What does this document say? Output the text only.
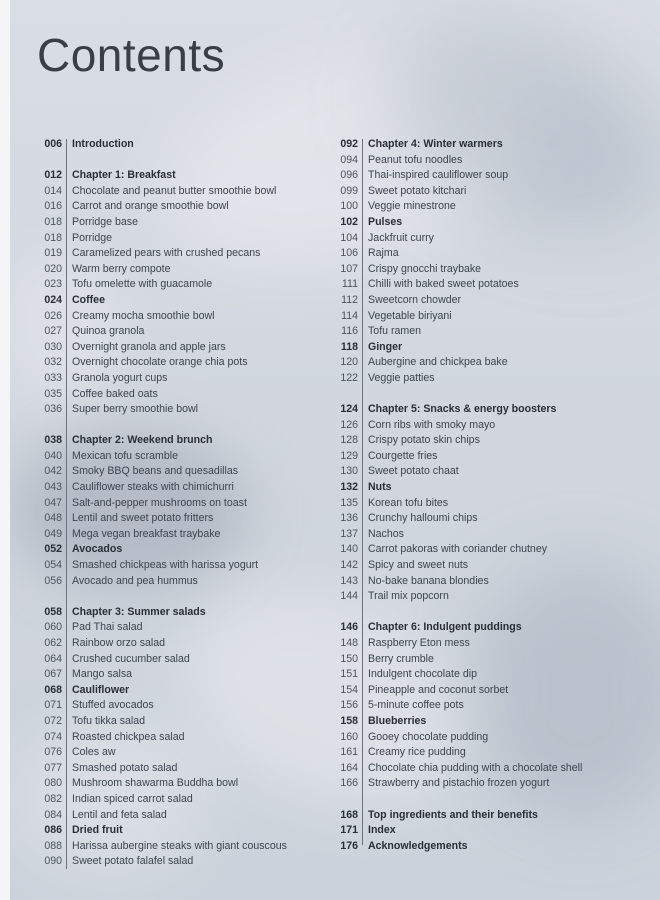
Contents
006 Introduction
012 Chapter 1: Breakfast
014 Chocolate and peanut butter smoothie bowl
016 Carrot and orange smoothie bowl
018 Porridge base
018 Porridge
019 Caramelized pears with crushed pecans
020 Warm berry compote
023 Tofu omelette with guacamole
024 Coffee
026 Creamy mocha smoothie bowl
027 Quinoa granola
030 Overnight granola and apple jars
032 Overnight chocolate orange chia pots
033 Granola yogurt cups
035 Coffee baked oats
036 Super berry smoothie bowl
038 Chapter 2: Weekend brunch
040 Mexican tofu scramble
042 Smoky BBQ beans and quesadillas
043 Cauliflower steaks with chimichurri
047 Salt-and-pepper mushrooms on toast
048 Lentil and sweet potato fritters
049 Mega vegan breakfast traybake
052 Avocados
054 Smashed chickpeas with harissa yogurt
056 Avocado and pea hummus
058 Chapter 3: Summer salads
060 Pad Thai salad
062 Rainbow orzo salad
064 Crushed cucumber salad
067 Mango salsa
068 Cauliflower
071 Stuffed avocados
072 Tofu tikka salad
074 Roasted chickpea salad
076 Coles aw
077 Smashed potato salad
080 Mushroom shawarma Buddha bowl
082 Indian spiced carrot salad
084 Lentil and feta salad
086 Dried fruit
088 Harissa aubergine steaks with giant couscous
090 Sweet potato falafel salad
092 Chapter 4: Winter warmers
094 Peanut tofu noodles
096 Thai-inspired cauliflower soup
099 Sweet potato kitchari
100 Veggie minestrone
102 Pulses
104 Jackfruit curry
106 Rajma
107 Crispy gnocchi traybake
111 Chilli with baked sweet potatoes
112 Sweetcorn chowder
114 Vegetable biriyani
116 Tofu ramen
118 Ginger
120 Aubergine and chickpea bake
122 Veggie patties
124 Chapter 5: Snacks & energy boosters
126 Corn ribs with smoky mayo
128 Crispy potato skin chips
129 Courgette fries
130 Sweet potato chaat
132 Nuts
135 Korean tofu bites
136 Crunchy halloumi chips
137 Nachos
140 Carrot pakoras with coriander chutney
142 Spicy and sweet nuts
143 No-bake banana blondies
144 Trail mix popcorn
146 Chapter 6: Indulgent puddings
148 Raspberry Eton mess
150 Berry crumble
151 Indulgent chocolate dip
154 Pineapple and coconut sorbet
156 5-minute coffee pots
158 Blueberries
160 Gooey chocolate pudding
161 Creamy rice pudding
164 Chocolate chia pudding with a chocolate shell
166 Strawberry and pistachio frozen yogurt
168 Top ingredients and their benefits
171 Index
176 Acknowledgements
